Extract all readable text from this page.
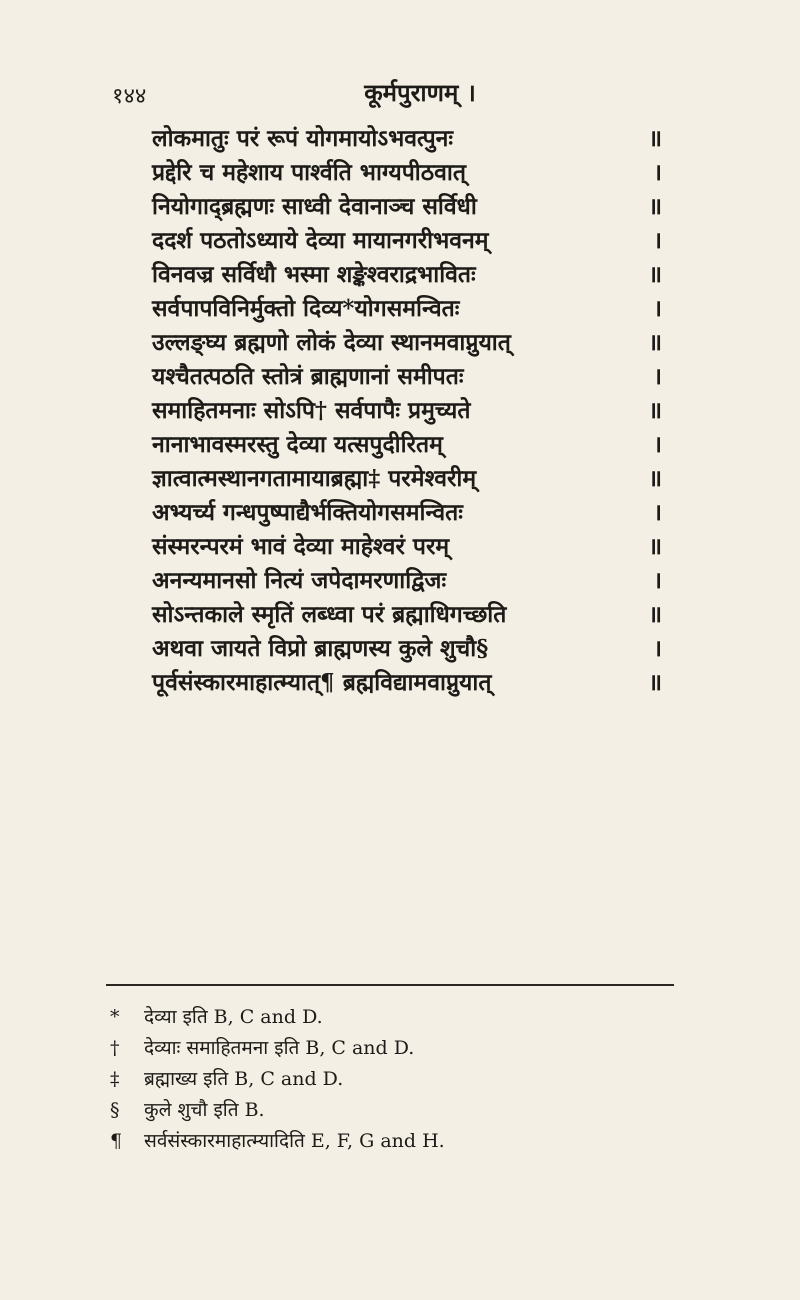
१४४	कूर्मपुराणम् ।
लोकमातुः परं रूपं योगमायोऽभवत्पुनः	॥
प्रद्देरि च महेशाय पार्श्वति भाग्यपीठवात्	।
नियोगाद्ब्रह्मणः साध्वी देवानाञ्च सर्विधी	॥
ददर्श पठतोऽध्याये देव्या मायानगरीभवनम्	।
विनवज्र सर्विधौ भस्मा शङ्केश्वराद्रभावितः	॥
सर्वपापविनिर्मुक्तो दिव्य*योगसमन्वितः	।
उल्लङ्घ्य ब्रह्मणो लोकं देव्या स्थानमवाप्नुयात्	॥
यश्चैतत्पठति स्तोत्रं ब्राह्मणानां समीपतः	।
समाहितमनाः सोऽपि† सर्वपापैः प्रमुच्यते	॥
नानाभावस्मरस्तु देव्या यत्सपुदीरितम्	।
ज्ञात्वात्मस्थानगतामायाब्रह्मा‡ परमेश्वरीम्	॥
अभ्यर्च्य गन्धपुष्पाद्यैर्भक्तियोगसमन्वितः	।
संस्मरन्परमं भावं देव्या माहेश्वरं परम्	॥
अनन्यमानसो नित्यं जपेदामरणाद्विजः	।
सोऽन्तकाले स्मृतिं लब्ध्वा परं ब्रह्माधिगच्छति	॥
अथवा जायते विप्रो ब्राह्मणस्य कुले शुचौ§	।
पूर्वसंस्कारमाहात्म्यात्¶ ब्रह्मविद्यामवाप्नुयात्	॥
* देव्या इति B, C and D.
† देव्याः समाहितमना इति B, C and D.
‡ ब्रह्माख्य इति B, C and D.
§ कुले शुचौ इति B.
¶ सर्वसंस्कारमाहात्म्यादिति E, F, G and H.
